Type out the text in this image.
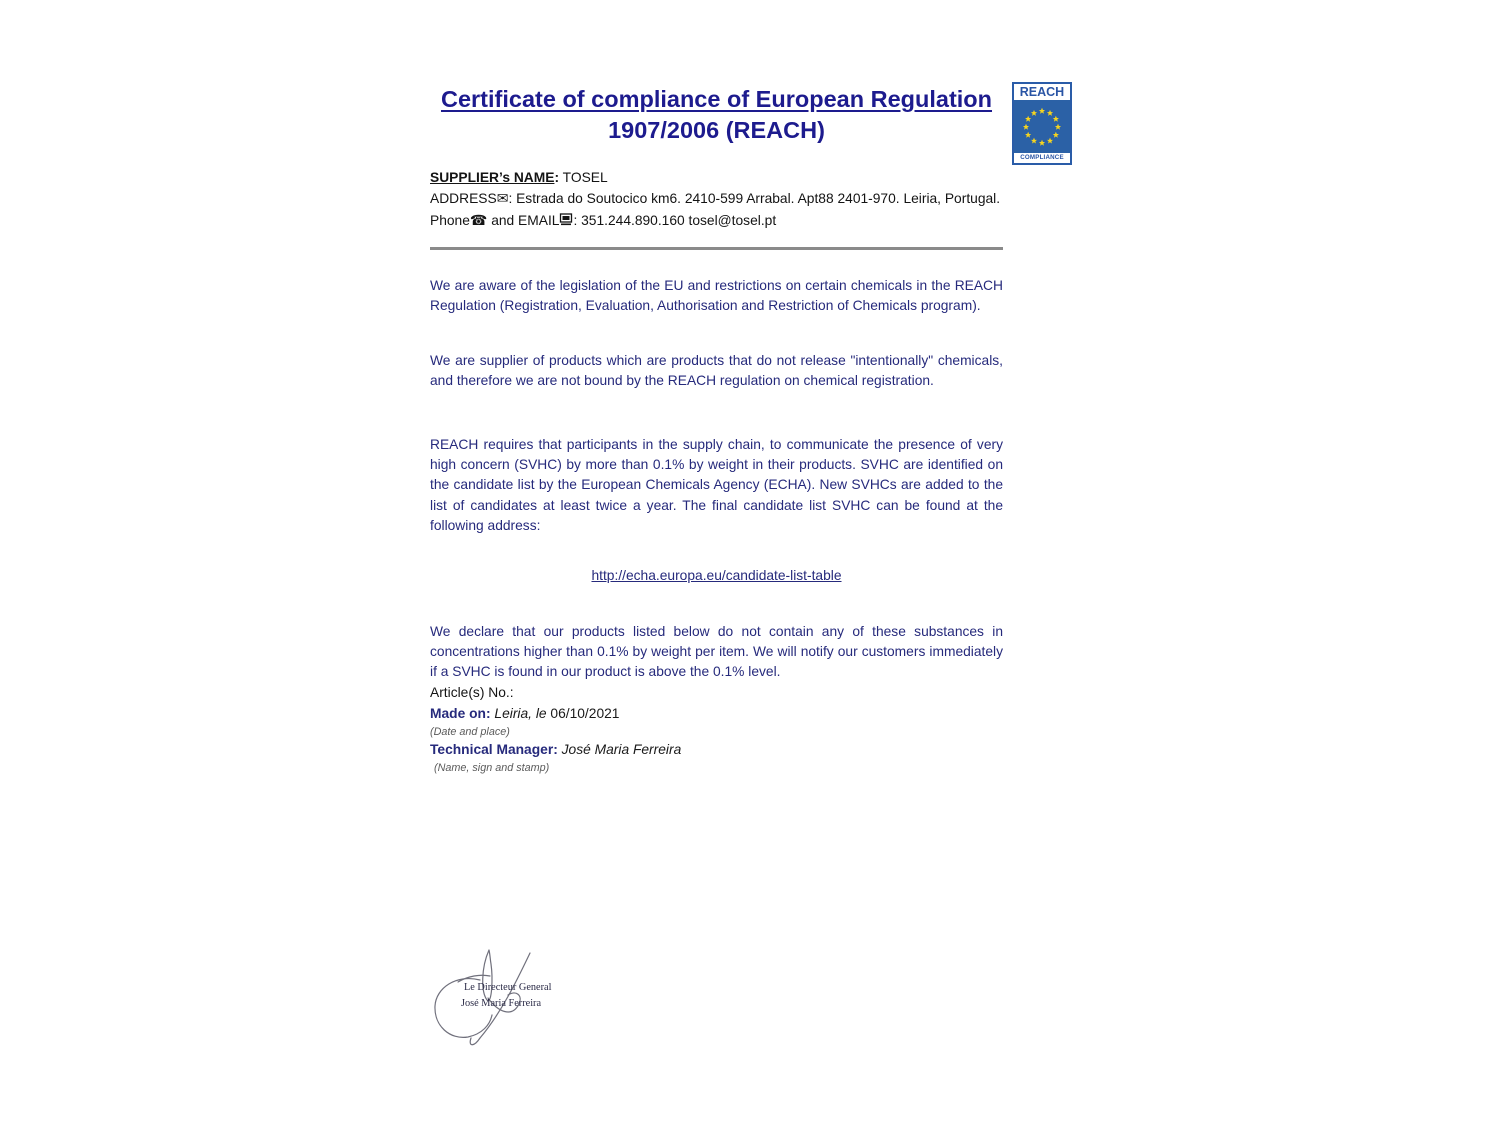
Certificate of compliance of European Regulation
1907/2006 (REACH)

SUPPLIER’s NAME: TOSEL

ADDRESS✉: Estrada do Soutocico km6. 2410-599 Arrabal. Apt88 2401-970. Leiria, Portugal.

Phone☎ and EMAIL : 351.244.890.160 tosel@tosel.pt

We are aware of the legislation of the EU and restrictions on certain chemicals in the REACH Regulation (Registration, Evaluation, Authorisation and Restriction of Chemicals program).

We are supplier of products which are products that do not release "intentionally" chemicals, and therefore we are not bound by the REACH regulation on chemical registration.

REACH requires that participants in the supply chain, to communicate the presence of very high concern (SVHC) by more than 0.1% by weight in their products. SVHC are identified on the candidate list by the European Chemicals Agency (ECHA). New SVHCs are added to the list of candidates at least twice a year. The final candidate list SVHC can be found at the following address:

http://echa.europa.eu/candidate-list-table

We declare that our products listed below do not contain any of these substances in concentrations higher than 0.1% by weight per item. We will notify our customers immediately if a SVHC is found in our product is above the 0.1% level.

Article(s) No.:

Made on: Leiria, le 06/10/2021

(Date and place)

Technical Manager: José Maria Ferreira

(Name, sign and stamp)

Le Directeur General
José Maria Ferreira
REACH
COMPLIANCE
